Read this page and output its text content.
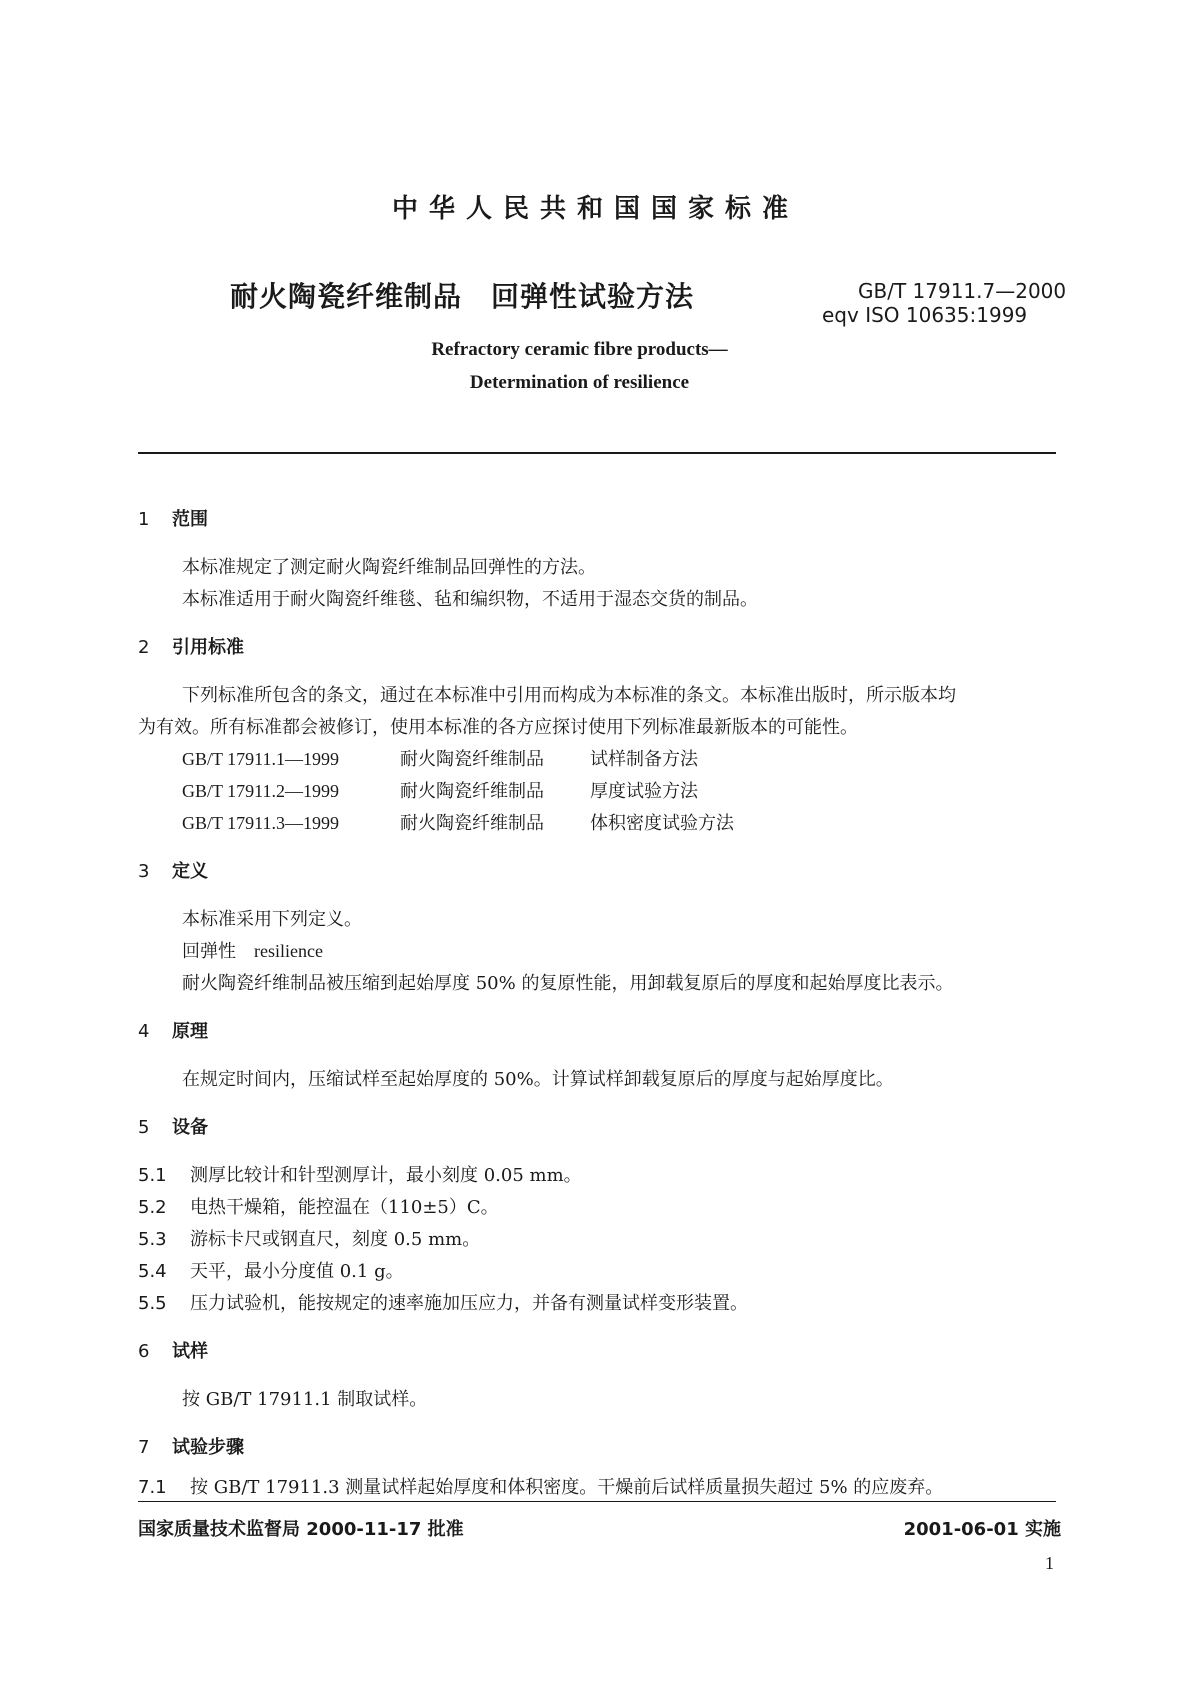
中华人民共和国国家标准
耐火陶瓷纤维制品　回弹性试验方法	GB/T 17911.7—2000
eqv ISO 10635:1999
Refractory ceramic fibre products—
Determination of resilience
1 范围
本标准规定了测定耐火陶瓷纤维制品回弹性的方法。
本标准适用于耐火陶瓷纤维毯、毡和编织物，不适用于湿态交货的制品。
2 引用标准
下列标准所包含的条文，通过在本标准中引用而构成为本标准的条文。本标准出版时，所示版本均
为有效。所有标准都会被修订，使用本标准的各方应探讨使用下列标准最新版本的可能性。
GB/T 17911.1—1999	耐火陶瓷纤维制品	试样制备方法
GB/T 17911.2—1999	耐火陶瓷纤维制品	厚度试验方法
GB/T 17911.3—1999	耐火陶瓷纤维制品	体积密度试验方法
3 定义
本标准采用下列定义。
回弹性 resilience
耐火陶瓷纤维制品被压缩到起始厚度 50% 的复原性能，用卸载复原后的厚度和起始厚度比表示。
4 原理
在规定时间内，压缩试样至起始厚度的 50%。计算试样卸载复原后的厚度与起始厚度比。
5 设备
5.1 测厚比较计和针型测厚计，最小刻度 0.05 mm。
5.2 电热干燥箱，能控温在（110±5）C。
5.3 游标卡尺或钢直尺，刻度 0.5 mm。
5.4 天平，最小分度值 0.1 g。
5.5 压力试验机，能按规定的速率施加压应力，并备有测量试样变形装置。
6 试样
按 GB/T 17911.1 制取试样。
7 试验步骤
7.1 按 GB/T 17911.3 测量试样起始厚度和体积密度。干燥前后试样质量损失超过 5% 的应废弃。
国家质量技术监督局 2000-11-17 批准	2001-06-01 实施
1
